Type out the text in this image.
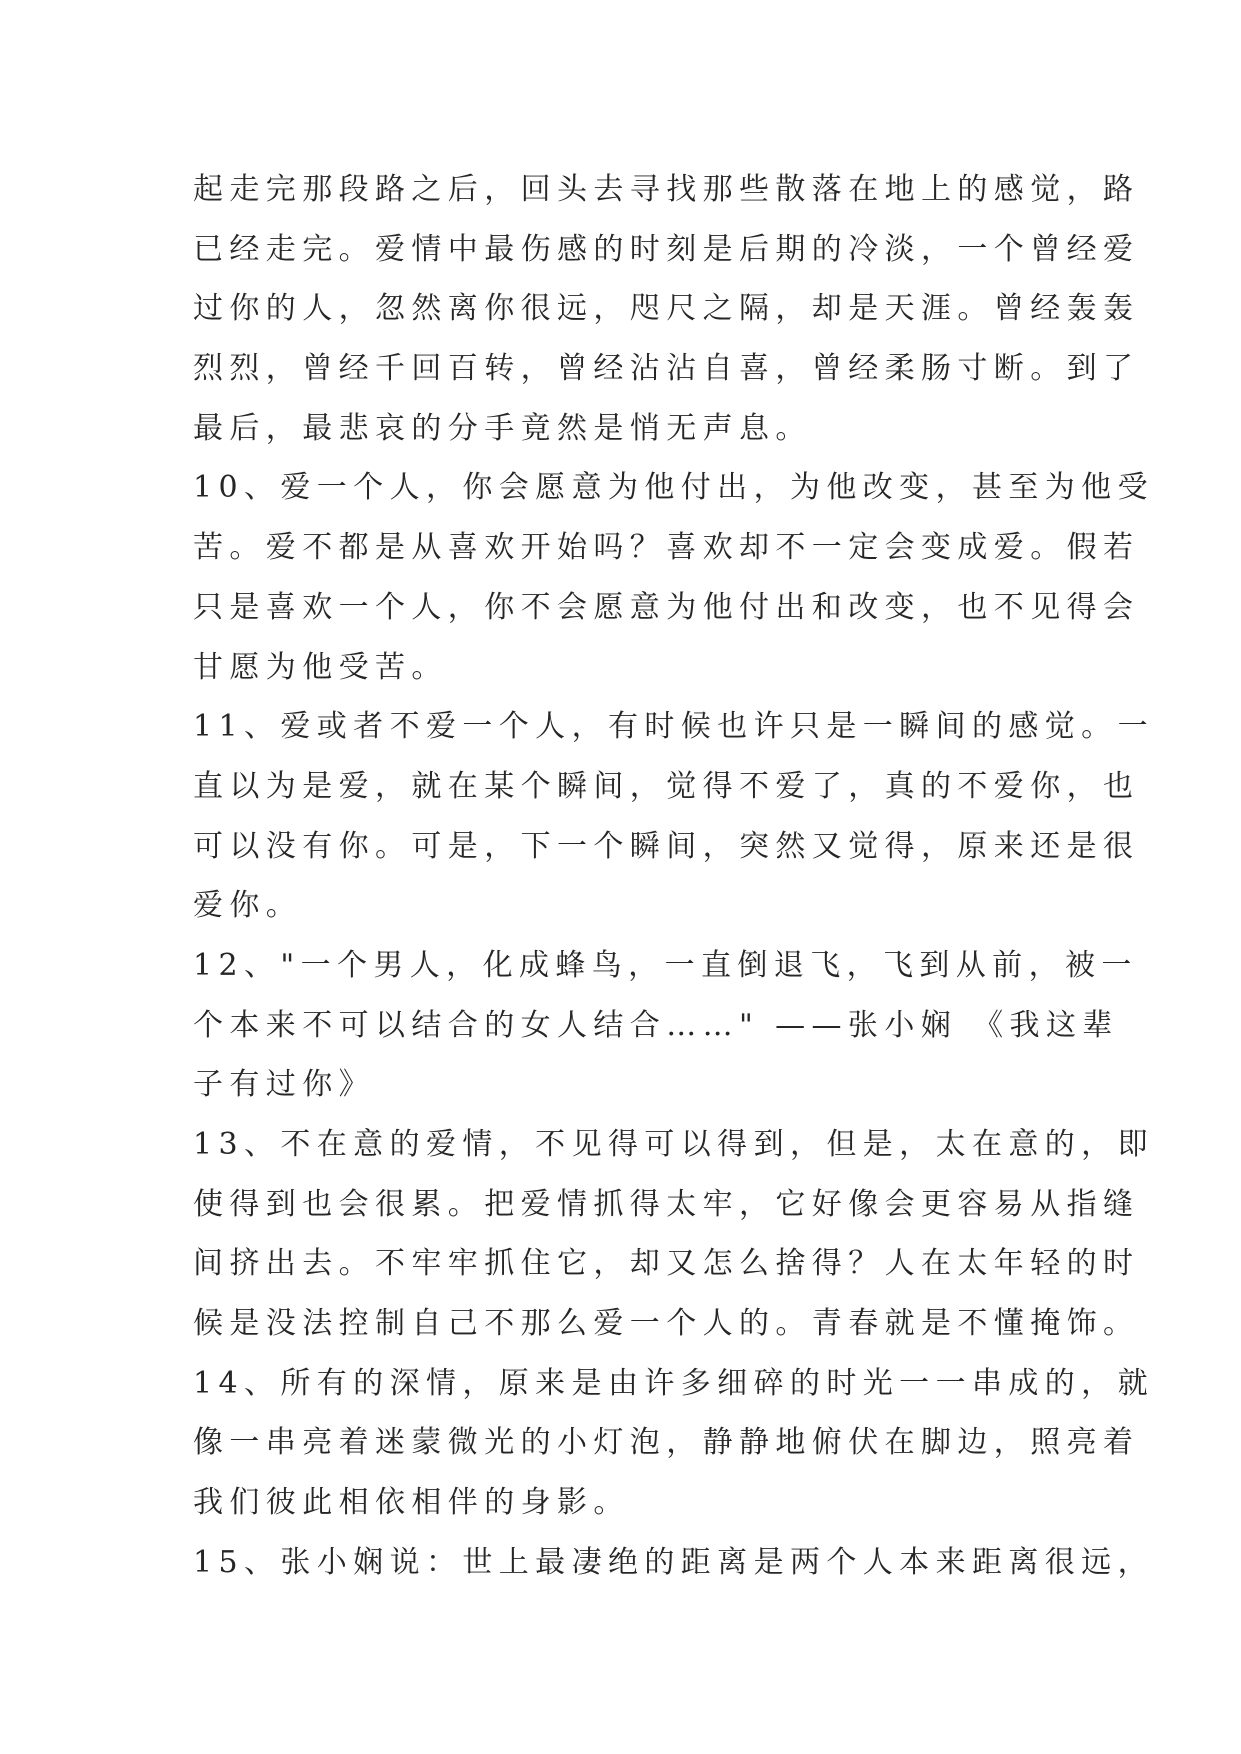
起走完那段路之后，回头去寻找那些散落在地上的感觉，路
已经走完。爱情中最伤感的时刻是后期的冷淡，一个曾经爱
过你的人，忽然离你很远，咫尺之隔，却是天涯。曾经轰轰
烈烈，曾经千回百转，曾经沾沾自喜，曾经柔肠寸断。到了
最后，最悲哀的分手竟然是悄无声息。
10、爱一个人，你会愿意为他付出，为他改变，甚至为他受
苦。爱不都是从喜欢开始吗？喜欢却不一定会变成爱。假若
只是喜欢一个人，你不会愿意为他付出和改变，也不见得会
甘愿为他受苦。
11、爱或者不爱一个人，有时候也许只是一瞬间的感觉。一
直以为是爱，就在某个瞬间，觉得不爱了，真的不爱你，也
可以没有你。可是，下一个瞬间，突然又觉得，原来还是很
爱你。
12、"一个男人，化成蜂鸟，一直倒退飞，飞到从前，被一
个本来不可以结合的女人结合……" ——张小娴 《我这辈
子有过你》
13、不在意的爱情，不见得可以得到，但是，太在意的，即
使得到也会很累。把爱情抓得太牢，它好像会更容易从指缝
间挤出去。不牢牢抓住它，却又怎么捨得？人在太年轻的时
候是没法控制自己不那么爱一个人的。青春就是不懂掩饰。
14、所有的深情，原来是由许多细碎的时光一一串成的，就
像一串亮着迷蒙微光的小灯泡，静静地俯伏在脚边，照亮着
我们彼此相依相伴的身影。
15、张小娴说：世上最凄绝的距离是两个人本来距离很远，
